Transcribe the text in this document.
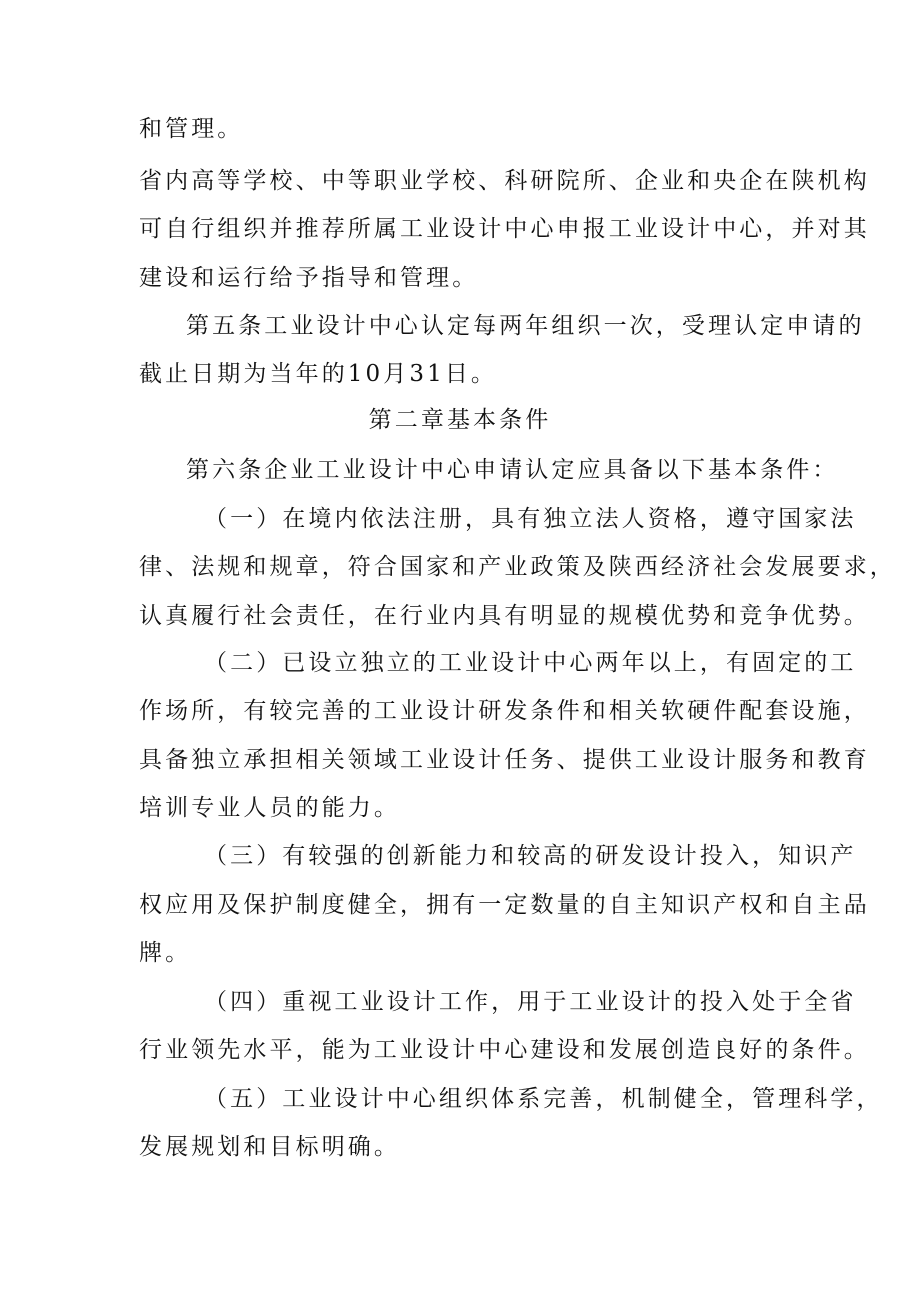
和管理。
省内高等学校、中等职业学校、科研院所、企业和央企在陕机构
可自行组织并推荐所属工业设计中心申报工业设计中心，并对其
建设和运行给予指导和管理。
第五条工业设计中心认定每两年组织一次，受理认定申请的
截止日期为当年的10月31日。
第二章基本条件
第六条企业工业设计中心申请认定应具备以下基本条件：
（一）在境内依法注册，具有独立法人资格，遵守国家法
律、法规和规章，符合国家和产业政策及陕西经济社会发展要求，
认真履行社会责任，在行业内具有明显的规模优势和竞争优势。
（二）已设立独立的工业设计中心两年以上，有固定的工
作场所，有较完善的工业设计研发条件和相关软硬件配套设施，
具备独立承担相关领域工业设计任务、提供工业设计服务和教育
培训专业人员的能力。
（三）有较强的创新能力和较高的研发设计投入，知识产
权应用及保护制度健全，拥有一定数量的自主知识产权和自主品
牌。
（四）重视工业设计工作，用于工业设计的投入处于全省
行业领先水平，能为工业设计中心建设和发展创造良好的条件。
（五）工业设计中心组织体系完善，机制健全，管理科学，
发展规划和目标明确。
